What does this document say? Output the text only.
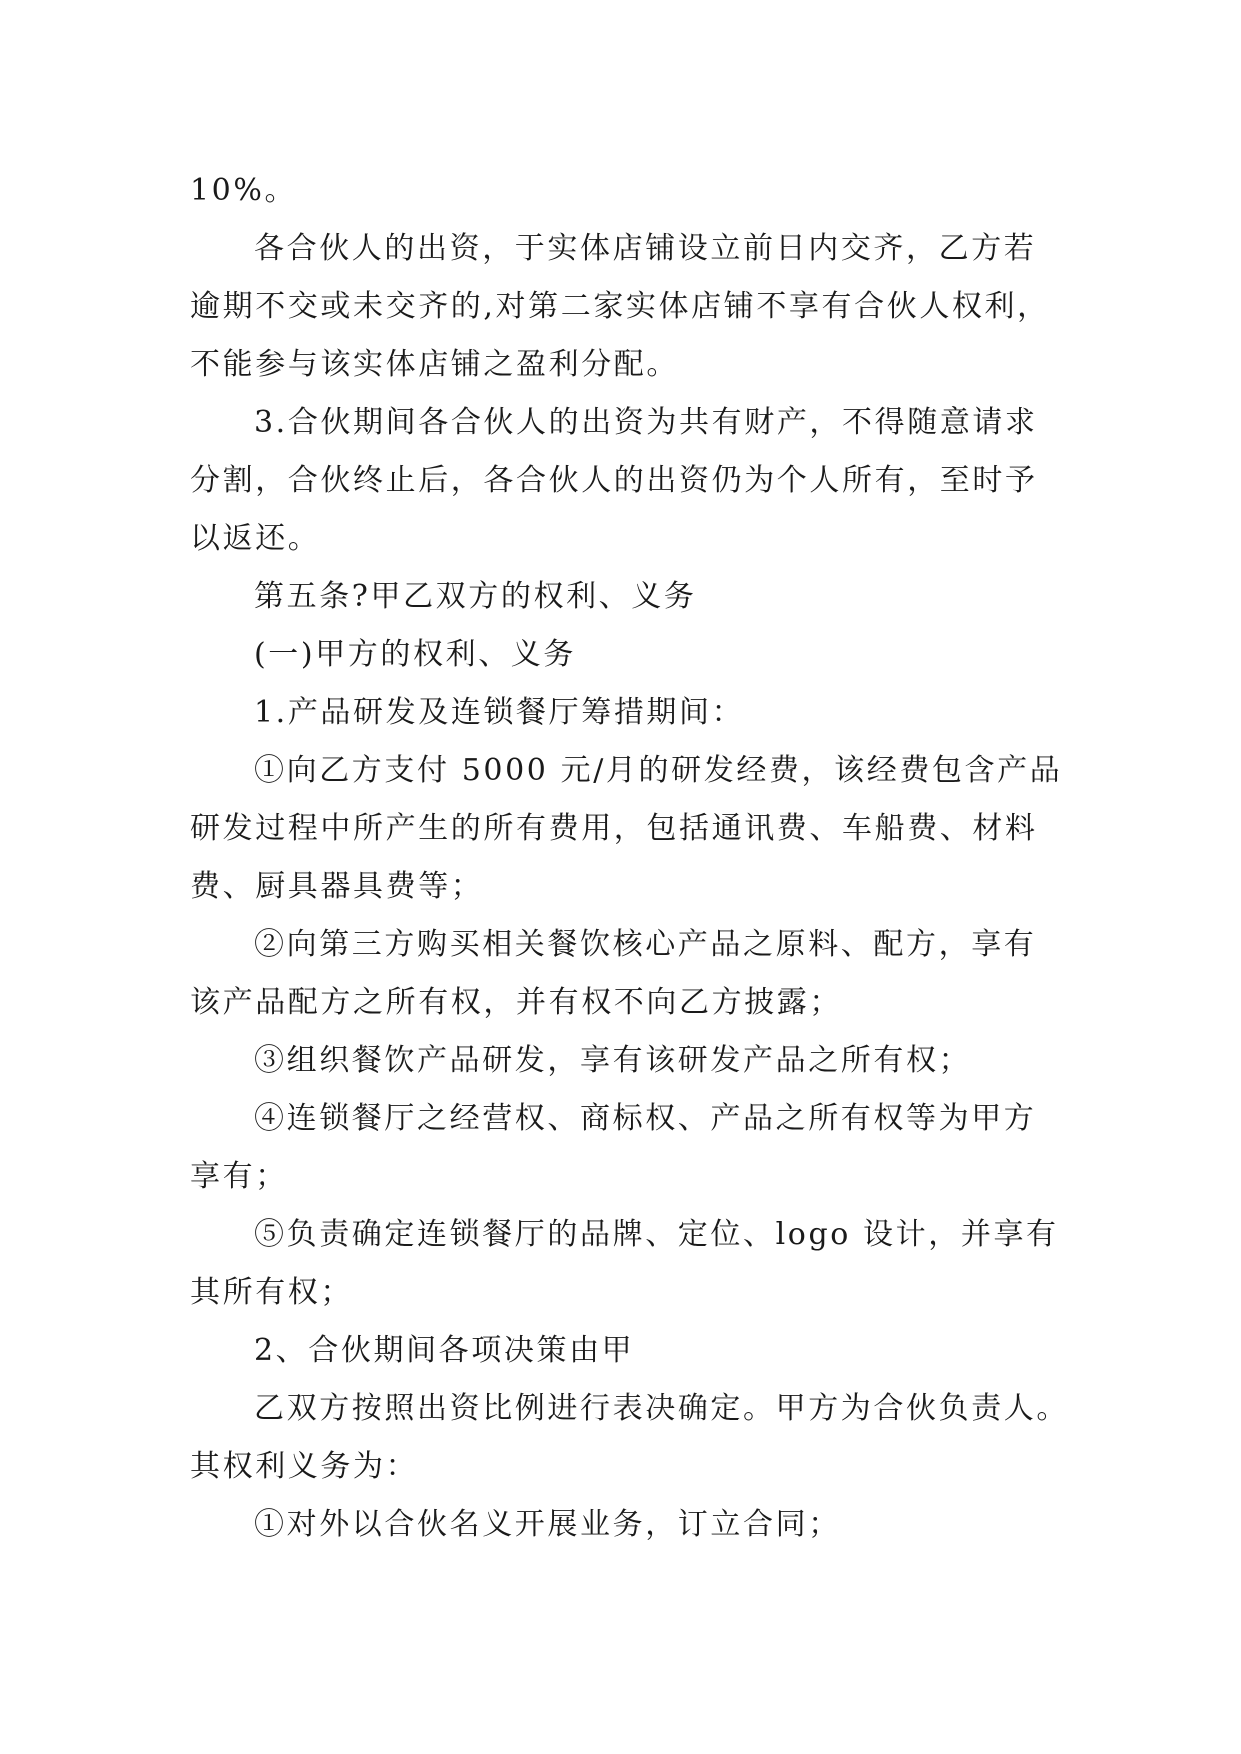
10%。
各合伙人的出资，于实体店铺设立前日内交齐，乙方若
逾期不交或未交齐的,对第二家实体店铺不享有合伙人权利，
不能参与该实体店铺之盈利分配。
3.合伙期间各合伙人的出资为共有财产，不得随意请求
分割，合伙终止后，各合伙人的出资仍为个人所有，至时予
以返还。
第五条?甲乙双方的权利、义务
(一)甲方的权利、义务
1.产品研发及连锁餐厅筹措期间：
①向乙方支付 5000 元/月的研发经费，该经费包含产品
研发过程中所产生的所有费用，包括通讯费、车船费、材料
费、厨具器具费等；
②向第三方购买相关餐饮核心产品之原料、配方，享有
该产品配方之所有权，并有权不向乙方披露；
③组织餐饮产品研发，享有该研发产品之所有权；
④连锁餐厅之经营权、商标权、产品之所有权等为甲方
享有；
⑤负责确定连锁餐厅的品牌、定位、logo 设计，并享有
其所有权；
2、合伙期间各项决策由甲
乙双方按照出资比例进行表决确定。甲方为合伙负责人。
其权利义务为：
①对外以合伙名义开展业务，订立合同；
